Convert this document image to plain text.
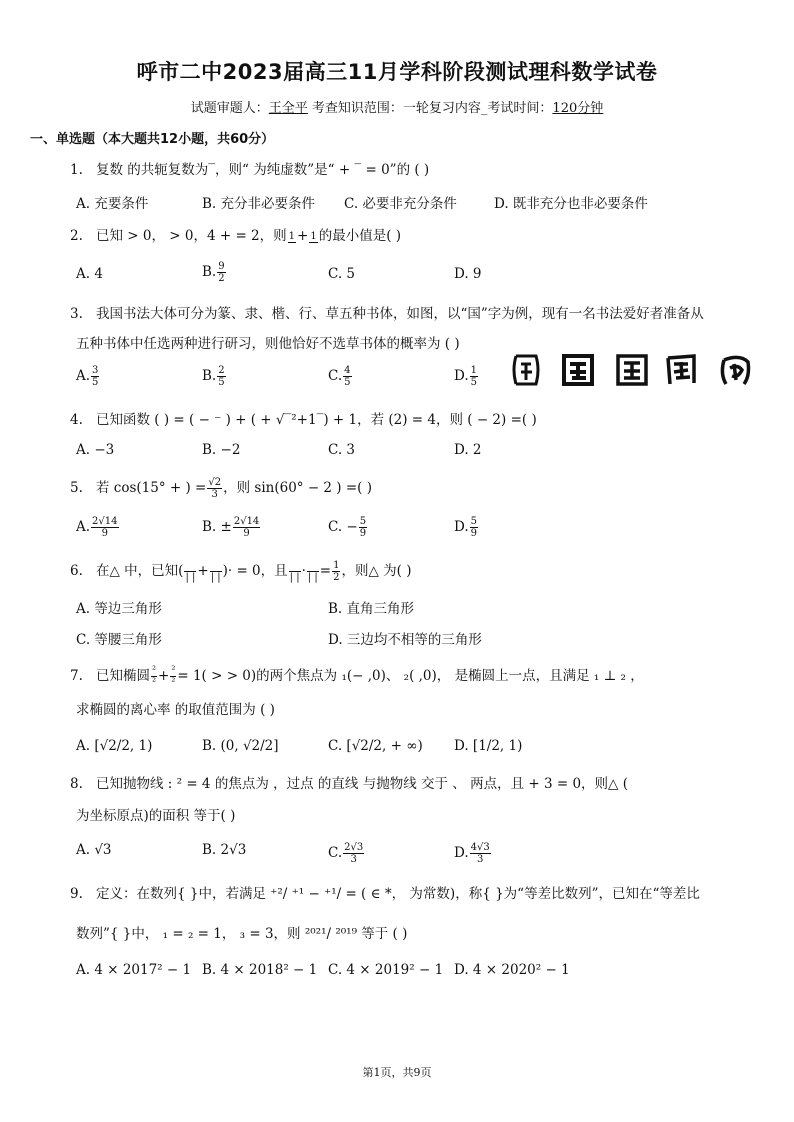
呼市二中2023届高三11月学科阶段测试理科数学试卷
试题审题人：王全平 考查知识范围：一轮复习内容_考试时间：120分钟
一、单选题（本大题共12小题，共60分）
1. 复数 的共轭复数为‾，则“ 为纯虚数”是“ + ‾ = 0”的 ( )
A. 充要条件	B. 充分非必要条件 C. 必要非充分条件	D. 既非充分也非必要条件
2. 已知 > 0， > 0，4 + = 2，则 1 + 1 的最小值是( )
A. 4	B. $\frac{9}{2}$	C. 5	D. 9
3. 我国书法大体可分为篆、隶、楷、行、草五种书体，如图，以“国”字为例，现有一名书法爱好者准备从
五种书体中任选两种进行研习，则他恰好不选草书体的概率为 ( )
A. $\frac{3}{5}$	B. $\frac{2}{5}$	C. $\frac{4}{5}$	D. $\frac{1}{5}$
4. 已知函数 ( ) = ( − ⁻ ) + ( + √‾²+1‾) + 1，若 (2) = 4，则 ( − 2) =( )
A. −3	B. −2	C. 3	D. 2
5. 若 cos(15° + ) = $\frac{√2}{3}$ ，则 sin(60° − 2 ) =( )
A. $\frac{2√14}{9}$	B. ± $\frac{2√14}{9}$	C. − $\frac{5}{9}$	D. $\frac{5}{9}$
6. 在△ 中，已知( | | + | | )· = 0，且 | | · | | = $\frac{1}{2}$ ，则△ 为( )
A. 等边三角形	B. 直角三角形
C. 等腰三角形	D. 三边均不相等的三角形
7. 已知椭圆 $\frac{\text{²}}{\text{²}} + \frac{\text{²}}{\text{²}} = 1$( > > 0)的两个焦点为 ₁(− ,0)、 ₂( ,0)， 是椭圆上一点，且满足 ₁ ⊥ ₂ ，
求椭圆的离心率 的取值范围为 ( )
A. [√2/2, 1)	B. (0, √2/2]	C. [√2/2, + ∞) D. [1/2, 1)
8. 已知抛物线 : ² = 4 的焦点为 ，过点 的直线 与抛物线 交于 、 两点，且 + 3 = 0，则△ (
为坐标原点)的面积 等于( )
A. √3	B. 2√3	C. $\frac{2√3}{3}$	D. $\frac{4√3}{3}$
9. 定义：在数列{ }中，若满足 ⁺²/ ⁺¹ − ⁺¹/ = ( ∈ *， 为常数)，称{ }为“等差比数列”，已知在“等差比
数列”{ }中， ₁ = ₂ = 1， ₃ = 3，则 ²⁰²¹/ ²⁰¹⁹ 等于 ( )
A. 4 × 2017² − 1 B. 4 × 2018² − 1 C. 4 × 2019² − 1 D. 4 × 2020² − 1
第1页，共9页
